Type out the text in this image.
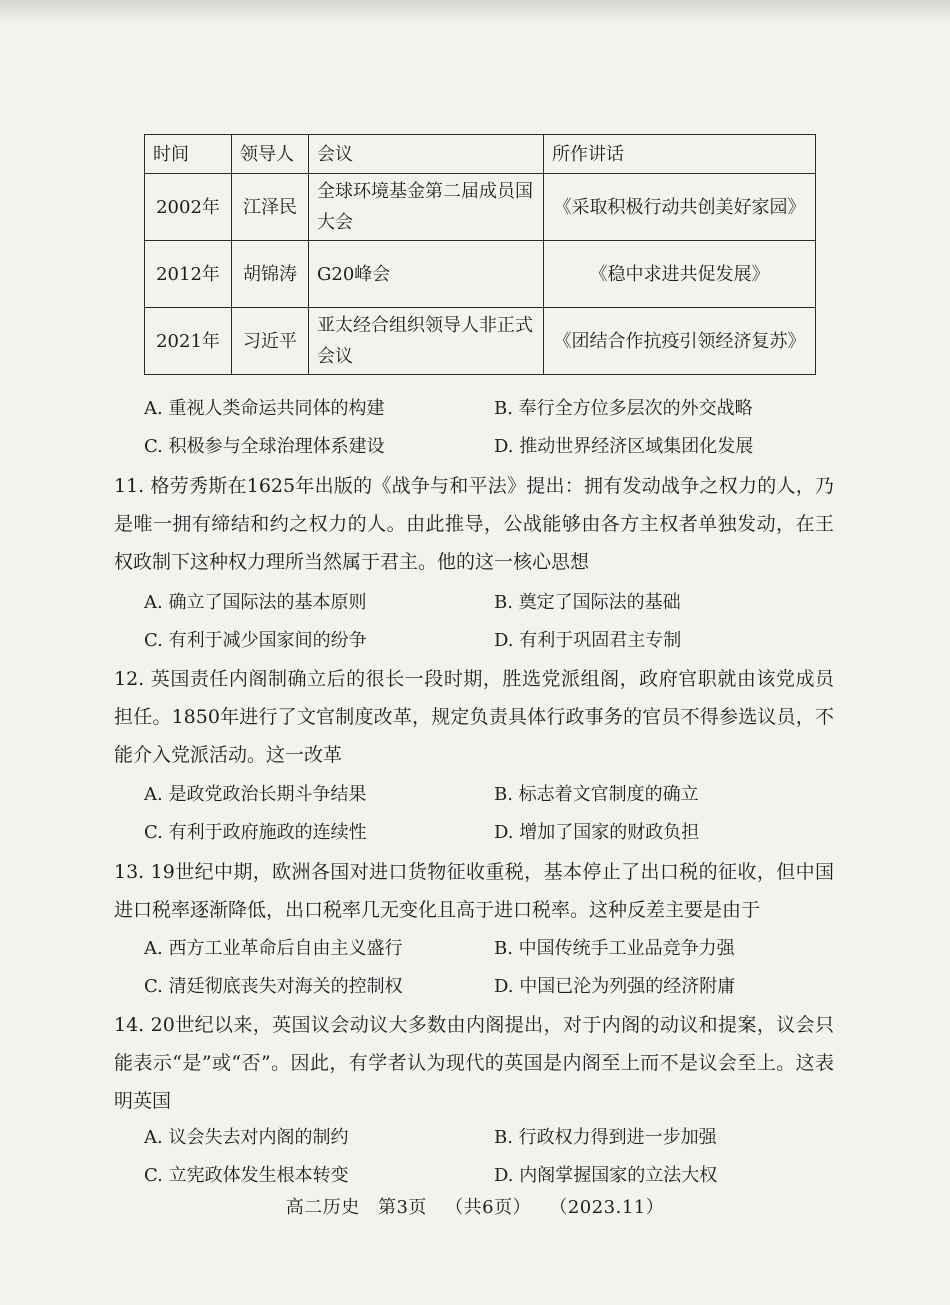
时间	领导人	会议	所作讲话
2002年	江泽民	全球环境基金第二届成员国大会	《采取积极行动共创美好家园》
2012年	胡锦涛	G20峰会	《稳中求进共促发展》
2021年	习近平	亚太经合组织领导人非正式会议	《团结合作抗疫引领经济复苏》
A. 重视人类命运共同体的构建	B. 奉行全方位多层次的外交战略
C. 积极参与全球治理体系建设	D. 推动世界经济区域集团化发展
11. 格劳秀斯在1625年出版的《战争与和平法》提出：拥有发动战争之权力的人，乃是唯一拥有缔结和约之权力的人。由此推导，公战能够由各方主权者单独发动，在王权政制下这种权力理所当然属于君主。他的这一核心思想
A. 确立了国际法的基本原则	B. 奠定了国际法的基础
C. 有利于减少国家间的纷争	D. 有利于巩固君主专制
12. 英国责任内阁制确立后的很长一段时期，胜选党派组阁，政府官职就由该党成员担任。1850年进行了文官制度改革，规定负责具体行政事务的官员不得参选议员，不能介入党派活动。这一改革
A. 是政党政治长期斗争结果	B. 标志着文官制度的确立
C. 有利于政府施政的连续性	D. 增加了国家的财政负担
13. 19世纪中期，欧洲各国对进口货物征收重税，基本停止了出口税的征收，但中国进口税率逐渐降低，出口税率几无变化且高于进口税率。这种反差主要是由于
A. 西方工业革命后自由主义盛行	B. 中国传统手工业品竞争力强
C. 清廷彻底丧失对海关的控制权	D. 中国已沦为列强的经济附庸
14. 20世纪以来，英国议会动议大多数由内阁提出，对于内阁的动议和提案，议会只能表示“是”或“否”。因此，有学者认为现代的英国是内阁至上而不是议会至上。这表明英国
A. 议会失去对内阁的制约	B. 行政权力得到进一步加强
C. 立宪政体发生根本转变	D. 内阁掌握国家的立法大权
高二历史 第3页 （共6页） （2023.11）
